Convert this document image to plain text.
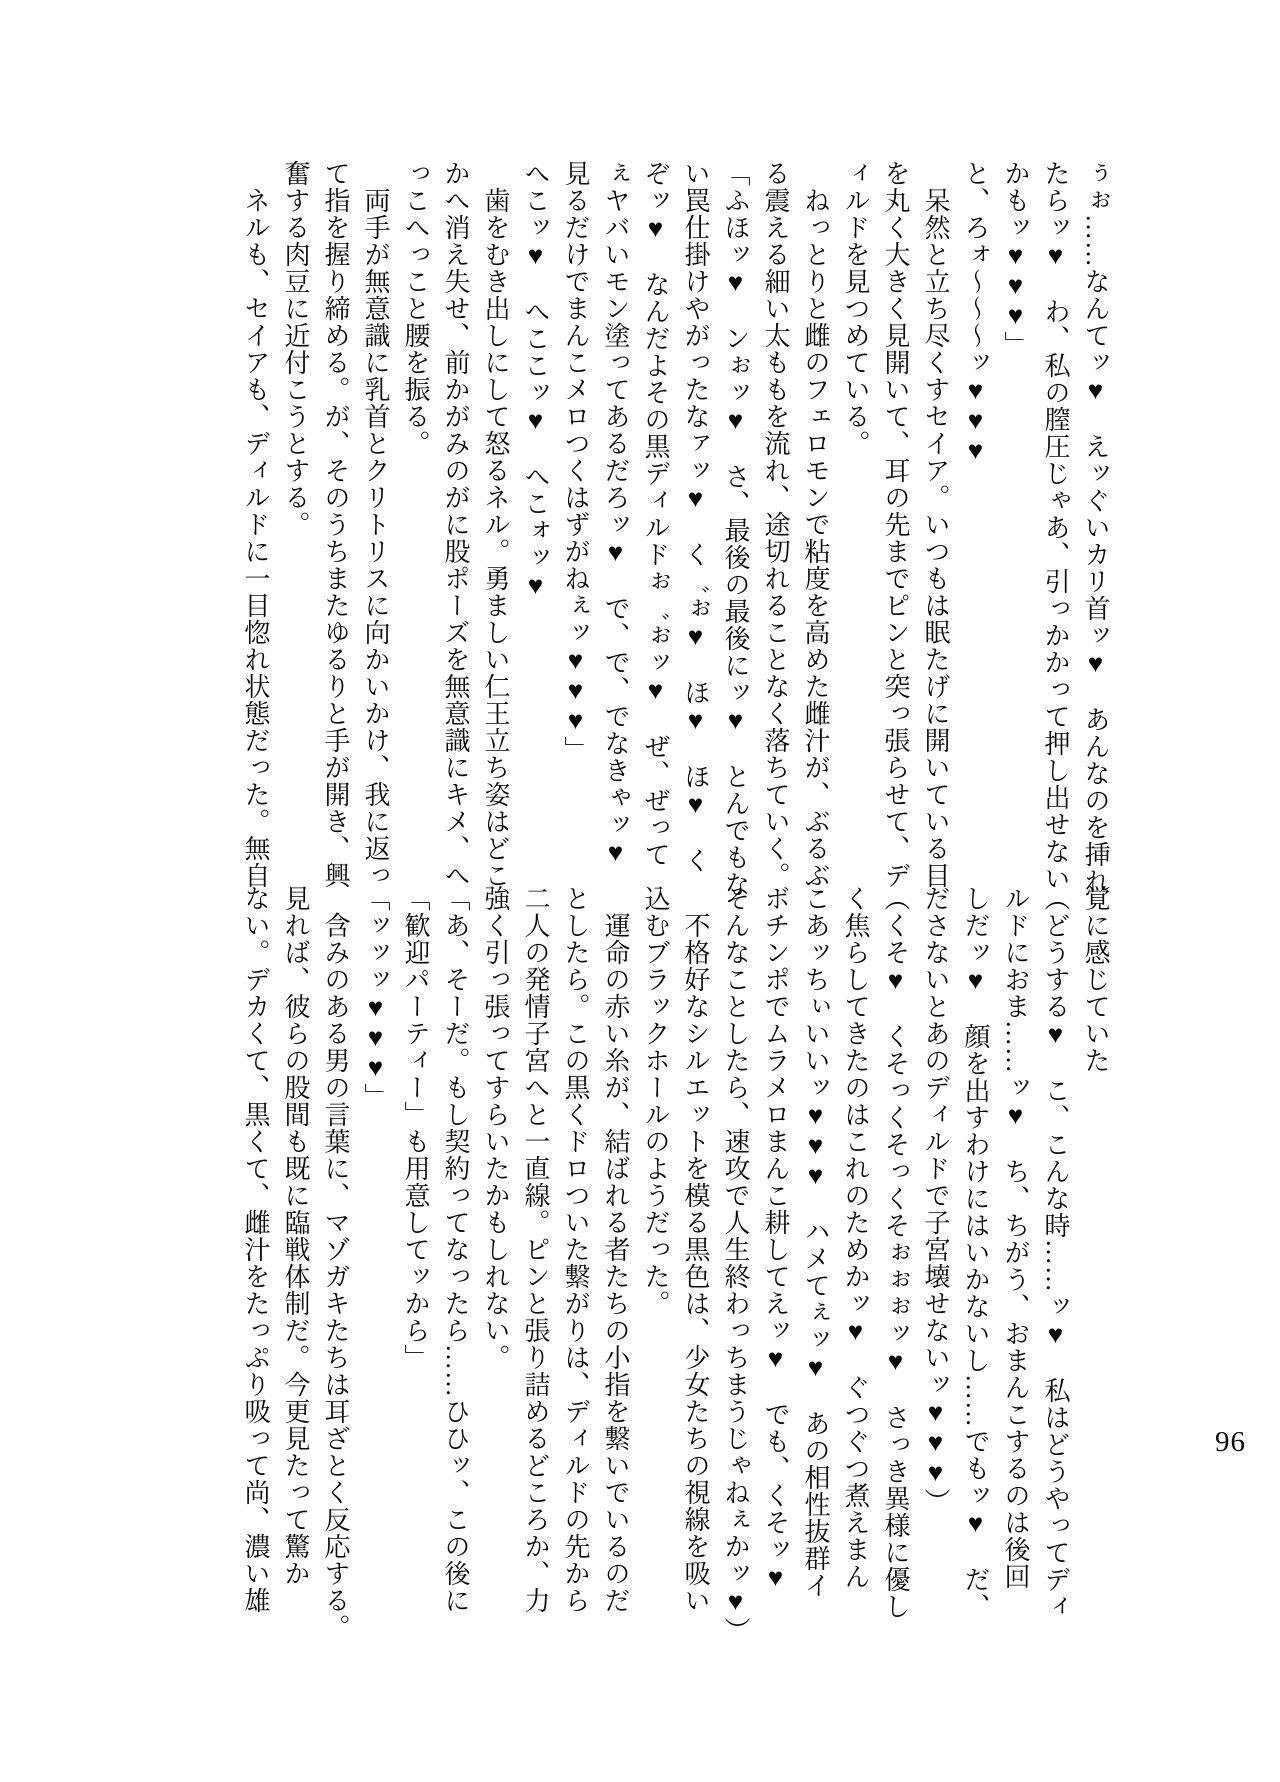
ぅぉ……なんてッ♥　えッぐいカリ首ッ♥　あんなのを挿れ

たらッ♥　わ、私の膣圧じゃあ、引っかかって押し出せない

かもッ♥♥♥」

と、ろォ〜〜〜ッ♥♥♥

　呆然と立ち尽くすセイア。いつもは眠たげに開いている目

を丸く大きく見開いて、耳の先までピンと突っ張らせて、デ

ィルドを見つめている。

　ねっとりと雌のフェロモンで粘度を高めた雌汁が、ぶるぶ

る震える細い太ももを流れ、途切れることなく落ちていく。

「ふほッ♥　ンぉッ♥　さ、最後の最後にッ♥　とんでもな

い罠仕掛けやがったなァッ♥　く゛ぉ♥　ほ♥　ほ♥　く

ぞッ♥　なんだよその黒ディルドぉ゛ぉッ♥　ぜ、ぜって

ぇヤバいモン塗ってあるだろッ♥　で、で、でなきゃッ♥

見るだけでまんこメロつくはずがねぇッ♥♥♥」

へこッ♥　へここッ♥　へこォッ♥

　歯をむき出しにして怒るネル。勇ましい仁王立ち姿はどこ

かへ消え失せ、前かがみのがに股ポーズを無意識にキメ、へ

っこへっこと腰を振る。

　両手が無意識に乳首とクリトリスに向かいかけ、我に返っ

て指を握り締める。が、そのうちまたゆるりと手が開き、興

奮する肉豆に近付こうとする。

　ネルも、セイアも、ディルドに一目惚れ状態だった。無自

覚に感じていた

（どうする♥　こ、こんな時……ッ♥　私はどうやってディ

ルドにおま……ッ♥　ち、ちがう、おまんこするのは後回

しだッ♥　顔を出すわけにはいかないし……でもッ♥　だ、

ださないとあのディルドで子宮壊せないッ♥♥♥）

（くそ♥　くそっくそっくそぉぉぉッ♥　さっき異様に優し

く焦らしてきたのはこれのためかッ♥　ぐつぐつ煮えまん

こあッちぃいいッ♥♥♥　ハメてぇッ♥　あの相性抜群イ

ボチンポでムラメロまんこ耕してえッ♥　でも、くそッ♥

そんなことしたら、速攻で人生終わっちまうじゃねぇかッ♥）

　不格好なシルエットを模る黒色は、少女たちの視線を吸い

込むブラックホールのようだった。

　運命の赤い糸が、結ばれる者たちの小指を繋いでいるのだ

としたら。この黒くドロついた繋がりは、ディルドの先から

二人の発情子宮へと一直線。ピンと張り詰めるどころか、力

強く引っ張ってすらいたかもしれない。

「あ、そーだ。もし契約ってなったら……ひひッ、この後に

「歓迎パーティー」も用意してッから」

「ッッッ♥♥♥」

　含みのある男の言葉に、マゾガキたちは耳ざとく反応する。

見れば、彼らの股間も既に臨戦体制だ。今更見たって驚か

ない。デカくて、黒くて、雌汁をたっぷり吸って尚、濃い雄	96
